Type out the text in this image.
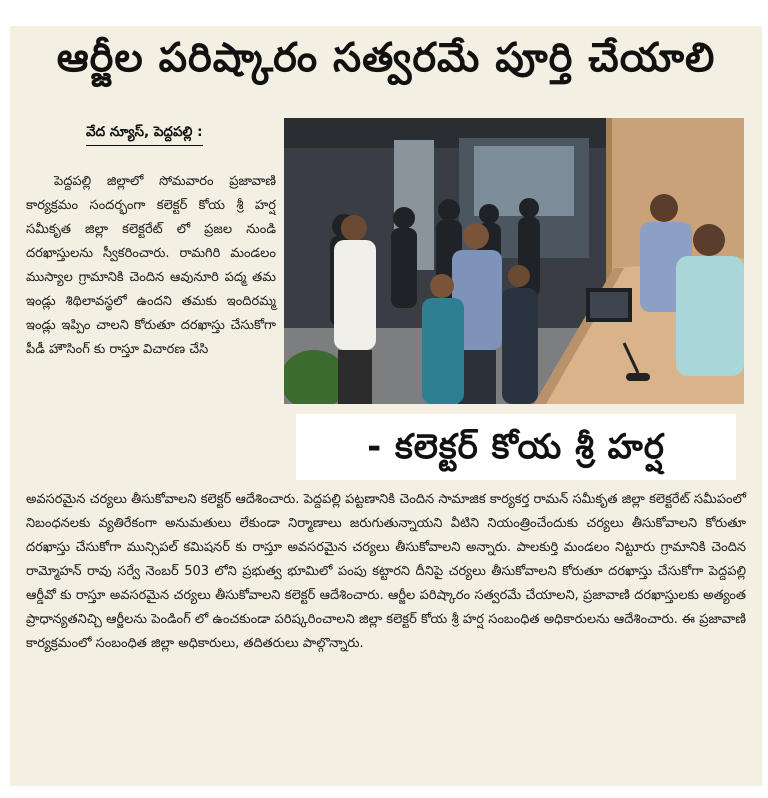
ఆర్జీల పరిష్కారం సత్వరమే పూర్తి చేయాలి
వేద న్యూస్, పెద్దపల్లి :
- కలెక్టర్ కోయ శ్రీ హర్ష

పెద్దపల్లి జిల్లాలో సోమవారం ప్రజావాణి కార్యక్రమం సందర్భంగా కలెక్టర్ కోయ శ్రీ హర్ష సమీకృత జిల్లా కలెక్టరేట్ లో ప్రజల నుండి దరఖాస్తులను స్వీకరించారు. రామగిరి మండలం ముస్యాల గ్రామానికి చెందిన ఆవునూరి పద్మ తమ ఇండ్లు శిథిలావస్థలో ఉందని తమకు ఇందిరమ్మ ఇండ్లు ఇప్పిం చాలని కోరుతూ దరఖాస్తు చేసుకోగా పీడీ హౌసింగ్ కు రాస్తూ విచారణ చేసి

అవసరమైన చర్యలు తీసుకోవాలని కలెక్టర్ ఆదేశించారు. పెద్దపల్లి పట్టణానికి చెందిన సామాజిక కార్యకర్త రామన్ సమీకృత జిల్లా కలెక్టరేట్ సమీపంలో నిబంధనలకు వ్యతిరేకంగా అనుమతులు లేకుండా నిర్మాణాలు జరుగుతున్నాయని వీటిని నియంత్రించేందుకు చర్యలు తీసుకోవాలని కోరుతూ దరఖాస్తు చేసుకోగా మున్సిపల్ కమిషనర్ కు రాస్తూ అవసరమైన చర్యలు తీసుకోవాలని అన్నారు. పాలకుర్తి మండలం నిట్టూరు గ్రామానికి చెందిన రామ్మోహన్ రావు సర్వే నెంబర్ 503 లోని ప్రభుత్వ భూమిలో పంపు కట్టారని దీనిపై చర్యలు తీసుకోవాలని కోరుతూ దరఖాస్తు చేసుకోగా పెద్దపల్లి ఆర్డీవో కు రాస్తూ అవసరమైన చర్యలు తీసుకోవాలని కలెక్టర్ ఆదేశించారు. ఆర్జీల పరిష్కారం సత్వరమే చేయాలని, ప్రజావాణి దరఖాస్తులకు అత్యంత ప్రాధాన్యతనిచ్చి ఆర్జీలను పెండింగ్ లో ఉంచకుండా పరిష్కరించాలని జిల్లా కలెక్టర్ కోయ శ్రీ హర్ష సంబంధిత అధికారులను ఆదేశించారు. ఈ ప్రజావాణి కార్యక్రమంలో సంబంధిత జిల్లా అధికారులు, తదితరులు పాల్గొన్నారు.
